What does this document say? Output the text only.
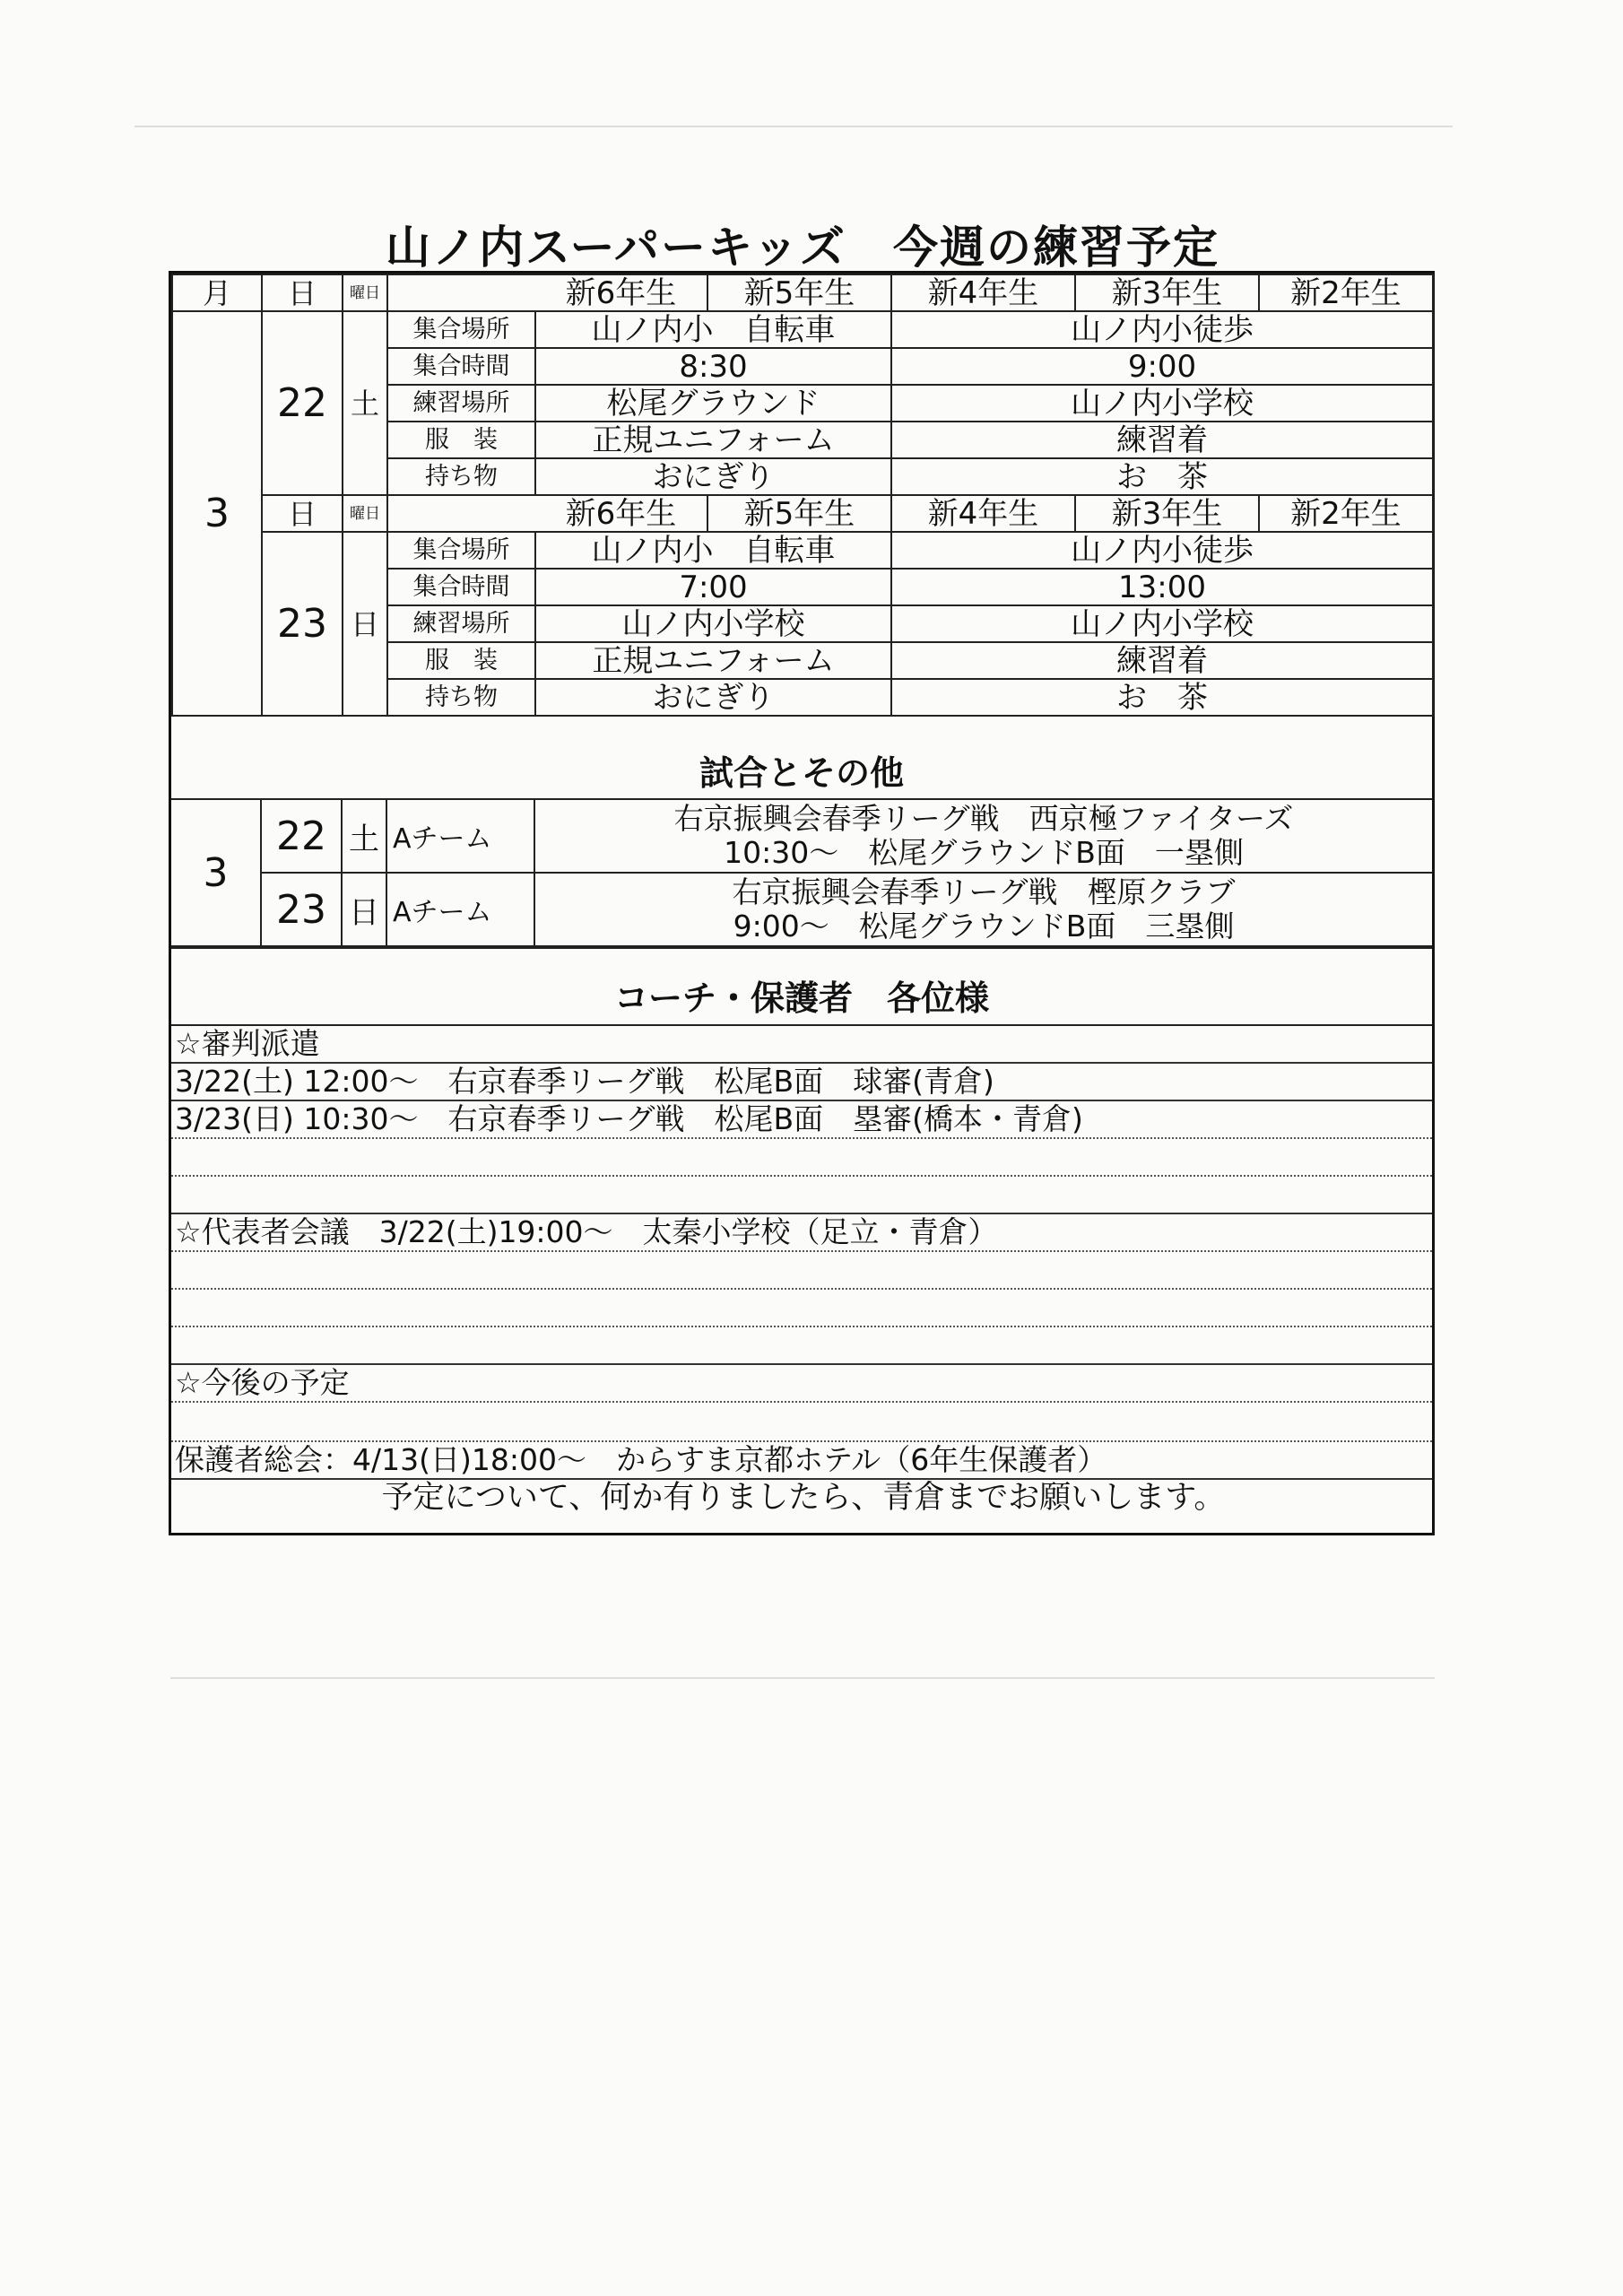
山ノ内スーパーキッズ　今週の練習予定
月	日	曜日		新6年生	新5年生	新4年生	新3年生	新2年生
3	22	土	集合場所	山ノ内小　自転車		山ノ内小徒歩		
			集合時間	8:30		9:00		
			練習場所	松尾グラウンド		山ノ内小学校		
			服　装	正規ユニフォーム		練習着		
			持ち物	おにぎり		お　茶		
	日	曜日		新6年生	新5年生	新4年生	新3年生	新2年生
	23	日	集合場所	山ノ内小　自転車		山ノ内小徒歩		
			集合時間	7:00		13:00		
			練習場所	山ノ内小学校		山ノ内小学校		
			服　装	正規ユニフォーム		練習着		
			持ち物	おにぎり		お　茶		
試合とその他
3	22	土	Aチーム	右京振興会春季リーグ戦　西京極ファイターズ
10:30～　松尾グラウンドB面　一塁側

	23	日	Aチーム	右京振興会春季リーグ戦　樫原クラブ
9:00～　松尾グラウンドB面　三塁側
コーチ・保護者　各位様
☆審判派遣
3/22(土) 12:00～　右京春季リーグ戦　松尾B面　球審(青倉)
3/23(日) 10:30～　右京春季リーグ戦　松尾B面　塁審(橋本・青倉)
☆代表者会議　3/22(土)19:00～　太秦小学校（足立・青倉）
☆今後の予定
保護者総会：4/13(日)18:00～　からすま京都ホテル（6年生保護者）
予定について、何か有りましたら、青倉までお願いします。
